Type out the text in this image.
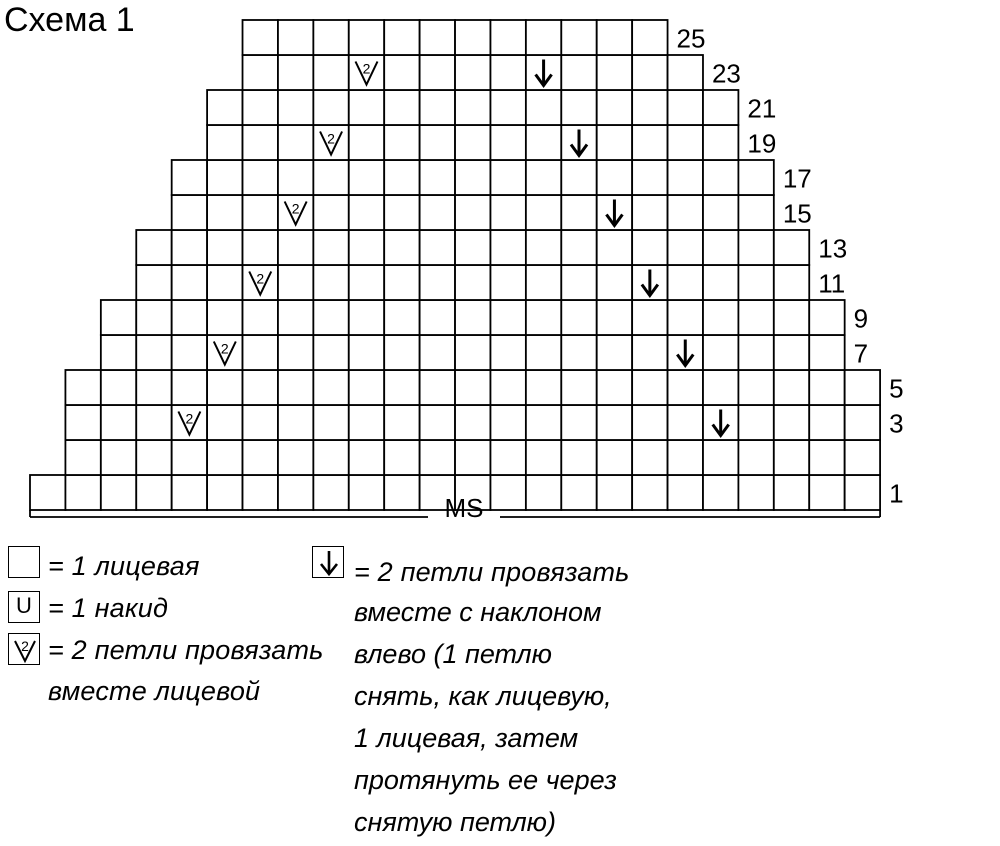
Схема 1
1
3
2
5
7
2
9
11
2
13
15
2
17
19
2
21
23
2
25
MS
= 1 лицевая
U = 1 накид
2 = 2 петли провязать
вместе лицевой
= 2 петли провязать
вместе с наклоном
влево (1 петлю
снять, как лицевую,
1 лицевая, затем
протянуть ее через
снятую петлю)
